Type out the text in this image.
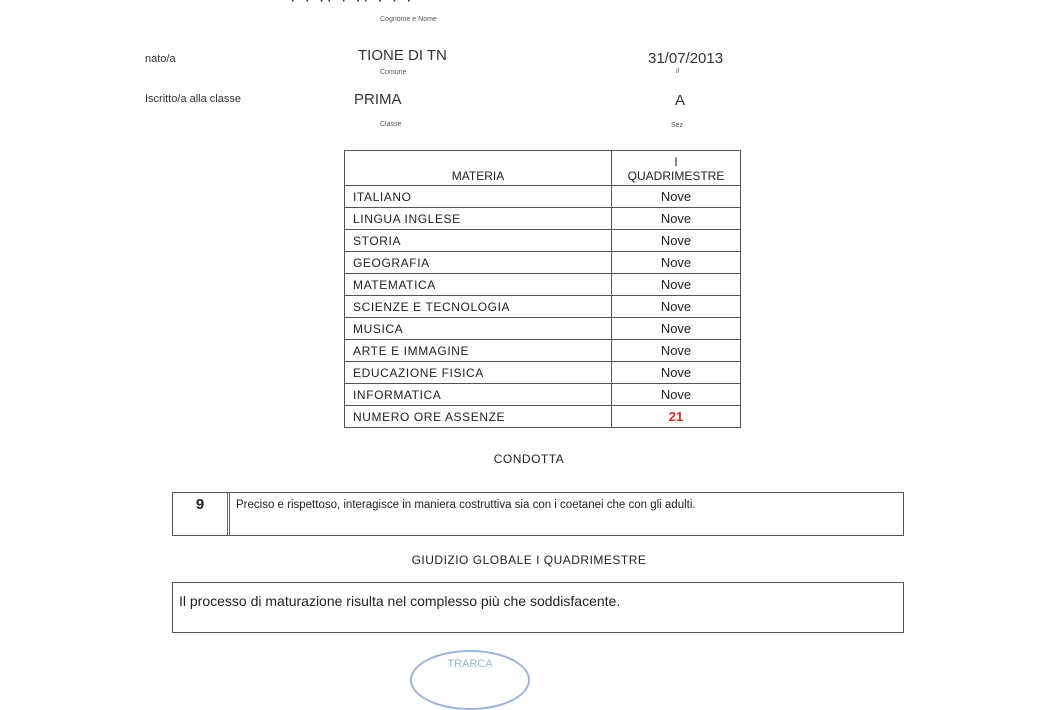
Cognome e Nome
nato/a	TIONE DI TN
Comune
31/07/2013
il
Iscritto/a alla classe	PRIMA
Classe
A
Sez
MATERIA	I
QUADRIMESTRE

ITALIANO	Nove
LINGUA INGLESE	Nove
STORIA	Nove
GEOGRAFIA	Nove
MATEMATICA	Nove
SCIENZE E TECNOLOGIA	Nove
MUSICA	Nove
ARTE E IMMAGINE	Nove
EDUCAZIONE FISICA	Nove
INFORMATICA	Nove
NUMERO ORE ASSENZE	21
CONDOTTA
9	Preciso e rispettoso, interagisce in maniera costruttiva sia con i coetanei che con gli adulti.
GIUDIZIO GLOBALE I QUADRIMESTRE
Il processo di maturazione risulta nel complesso più che soddisfacente.
TRARCA
